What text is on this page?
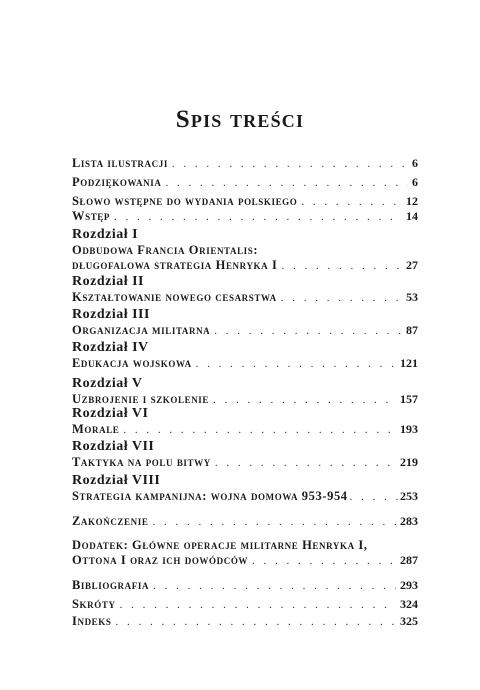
Spis treści
Lista ilustracji . . .	6
Podziękowania . . .	6
Słowo wstępne do wydania polskiego . . .	12
Wstęp . . .	14
Rozdział I
Odbudowa Francia Orientalis:
długofalowa strategia Henryka I . . .	27
Rozdział II
Kształtowanie nowego cesarstwa . . .	53
Rozdział III
Organizacja militarna . . .	87
Rozdział IV
Edukacja wojskowa . . .	121
Rozdział V
Uzbrojenie i szkolenie . . .	157
Rozdział VI
Morale . . .	193
Rozdział VII
Taktyka na polu bitwy . . .	219
Rozdział VIII
Strategia kampanijna: wojna domowa 953-954 . . .	253
Zakończenie . . .	283
Dodatek: Główne operacje militarne Henryka I,
Ottona I oraz ich dowódców . . .	287
Bibliografia . . .	293
Skróty . . .	324
Indeks . . .	325
